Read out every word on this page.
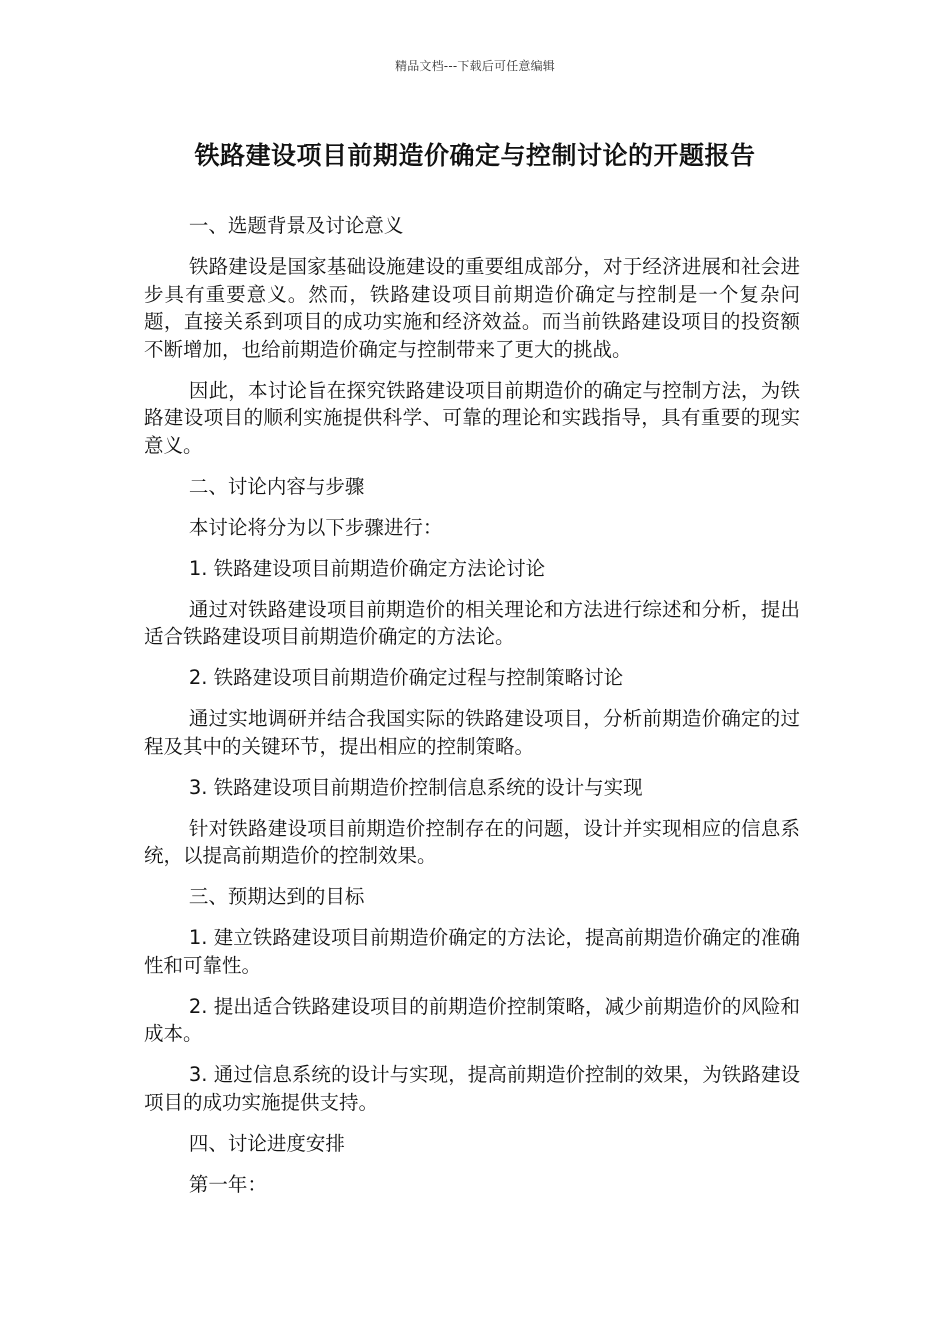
精品文档---下载后可任意编辑
铁路建设项目前期造价确定与控制讨论的开题报告

一、选题背景及讨论意义

铁路建设是国家基础设施建设的重要组成部分，对于经济进展和社会进步具有重要意义。然而，铁路建设项目前期造价确定与控制是一个复杂问题，直接关系到项目的成功实施和经济效益。而当前铁路建设项目的投资额不断增加，也给前期造价确定与控制带来了更大的挑战。

因此，本讨论旨在探究铁路建设项目前期造价的确定与控制方法，为铁路建设项目的顺利实施提供科学、可靠的理论和实践指导，具有重要的现实意义。

二、讨论内容与步骤

本讨论将分为以下步骤进行：

1. 铁路建设项目前期造价确定方法论讨论

通过对铁路建设项目前期造价的相关理论和方法进行综述和分析，提出适合铁路建设项目前期造价确定的方法论。

2. 铁路建设项目前期造价确定过程与控制策略讨论

通过实地调研并结合我国实际的铁路建设项目，分析前期造价确定的过程及其中的关键环节，提出相应的控制策略。

3. 铁路建设项目前期造价控制信息系统的设计与实现

针对铁路建设项目前期造价控制存在的问题，设计并实现相应的信息系统，以提高前期造价的控制效果。

三、预期达到的目标

1. 建立铁路建设项目前期造价确定的方法论，提高前期造价确定的准确性和可靠性。

2. 提出适合铁路建设项目的前期造价控制策略，减少前期造价的风险和成本。

3. 通过信息系统的设计与实现，提高前期造价控制的效果，为铁路建设项目的成功实施提供支持。

四、讨论进度安排

第一年：
